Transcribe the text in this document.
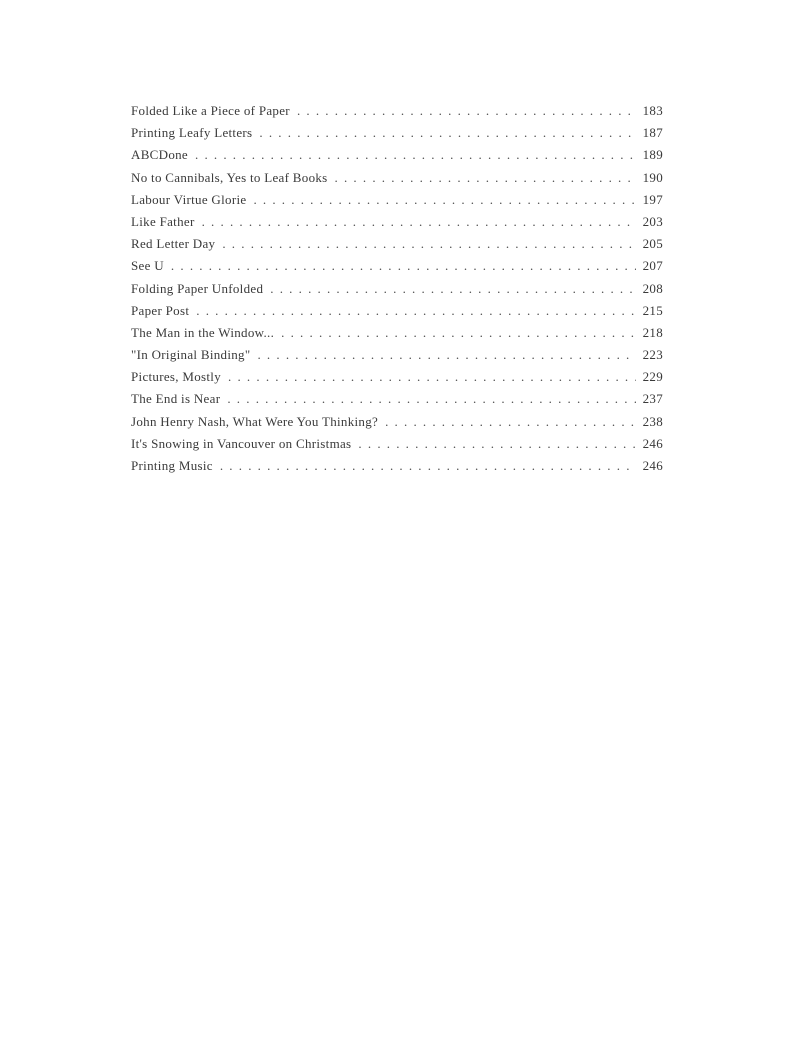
Folded Like a Piece of Paper .....	183
Printing Leafy Letters .....	187
ABCDone .....	189
No to Cannibals, Yes to Leaf Books .....	190
Labour Virtue Glorie .....	197
Like Father .....	203
Red Letter Day .....	205
See U .....	207
Folding Paper Unfolded .....	208
Paper Post .....	215
The Man in the Window... .....	218
"In Original Binding" .....	223
Pictures, Mostly .....	229
The End is Near .....	237
John Henry Nash, What Were You Thinking? .....	238
It's Snowing in Vancouver on Christmas .....	246
Printing Music .....	246
